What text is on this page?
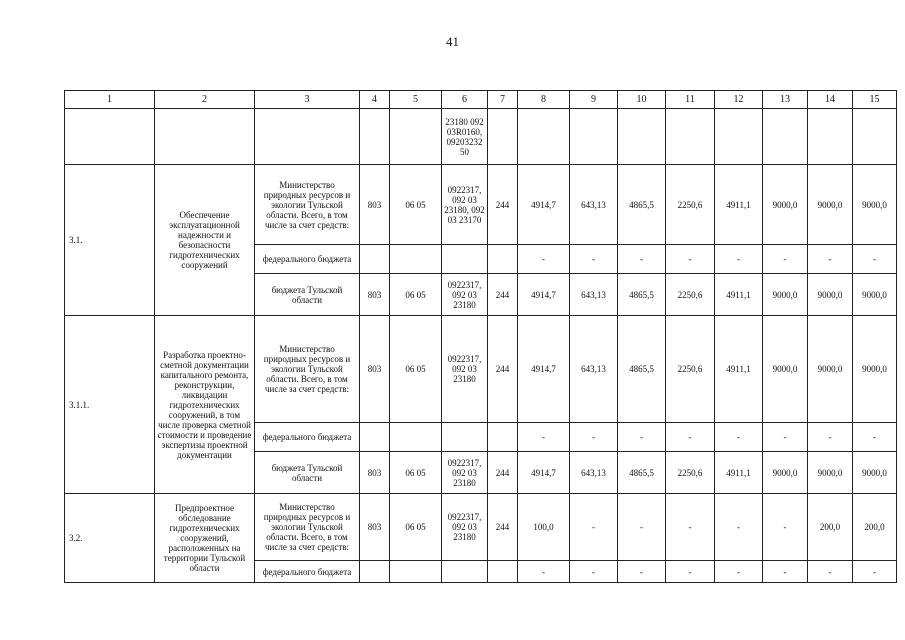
41
1	2	3	4	5	6	7	8	9	10	11	12	13	14	15
					23180 092 03R0160, 09203232 50									
3.1.	Обеспечение эксплуатационной надежности и безопасности гидротехнических сооружений	Министерство природных ресурсов и экологии Тульской области. Всего, в том числе за счет средств:	803	06 05	0922317, 092 03 23180, 092 03 23170	244	4914,7	643,13	4865,5	2250,6	4911,1	9000,0	9000,0	9000,0
		федерального бюджета					-	-	-	-	-	-	-	-
		бюджета Тульской области	803	06 05	0922317, 092 03 23180	244	4914,7	643,13	4865,5	2250,6	4911,1	9000,0	9000,0	9000,0
3.1.1.	Разработка проектно-сметной документации капитального ремонта, реконструкции, ликвидации гидротехнических сооружений, в том числе проверка сметной стоимости и проведение экспертизы проектной документации	Министерство природных ресурсов и экологии Тульской области. Всего, в том числе за счет средств:	803	06 05	0922317, 092 03 23180	244	4914,7	643,13	4865,5	2250,6	4911,1	9000,0	9000,0	9000,0
		федерального бюджета					-	-	-	-	-	-	-	-
		бюджета Тульской области	803	06 05	0922317, 092 03 23180	244	4914,7	643,13	4865,5	2250,6	4911,1	9000,0	9000,0	9000,0
3.2.	Предпроектное обследование гидротехнических сооружений, расположенных на территории Тульской области	Министерство природных ресурсов и экологии Тульской области. Всего, в том числе за счет средств:	803	06 05	0922317, 092 03 23180	244	100,0	-	-	-	-	-	200,0	200,0
		федерального бюджета					-	-	-	-	-	-	-	-
